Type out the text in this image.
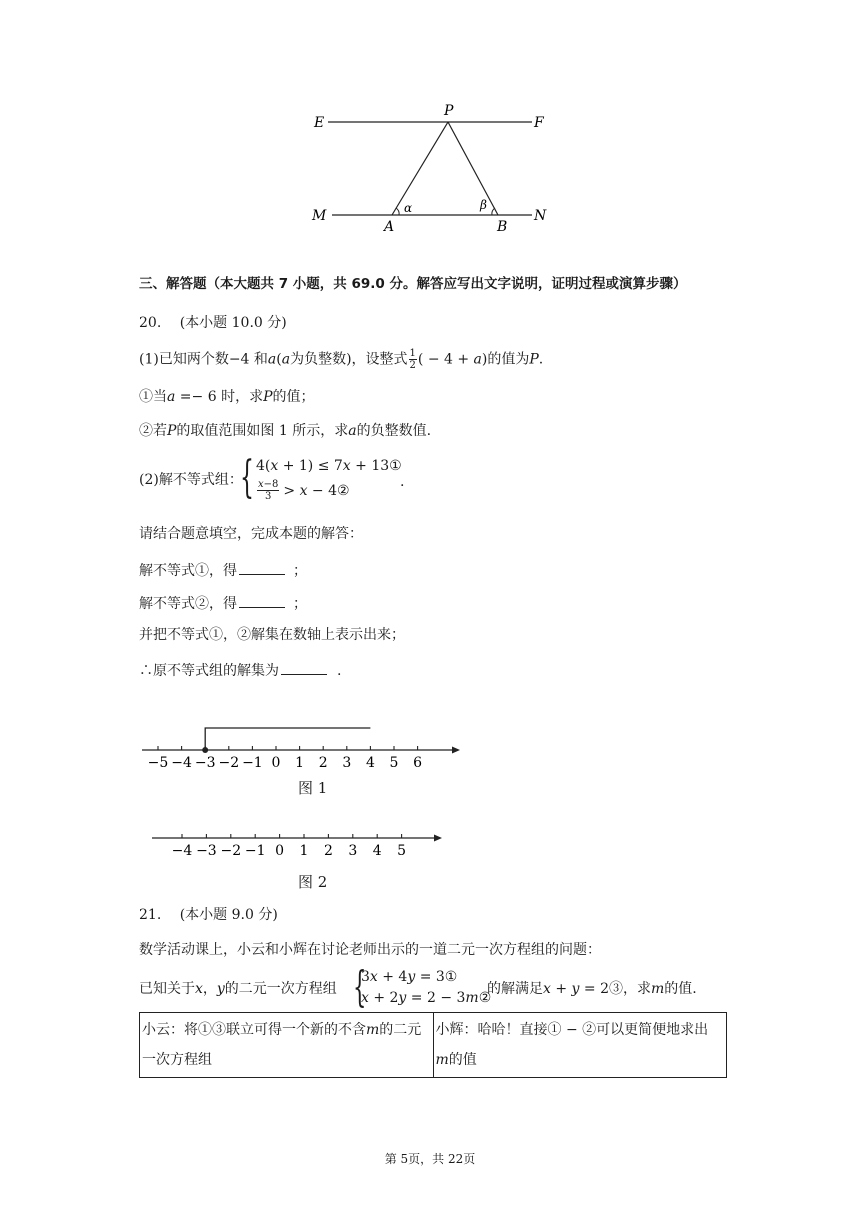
E	F
P
M	N
A	B
α	β
三、解答题（本大题共 7 小题，共 69.0 分。解答应写出文字说明，证明过程或演算步骤）
20. (本小题 10.0 分)
(1)已知两个数−4 和𝑎(𝑎为负整数)，设整式 $\frac{1}{2}$ ( − 4 + 𝑎)的值为𝑃.
①当𝑎 =− 6 时，求𝑃的值；
②若𝑃的取值范围如图 1 所示，求𝑎的负整数值.
(2)解不等式组：
{ 4(𝑥 + 1) ≤ 7𝑥 + 13①
$\frac{\text{𝑥−8}}{3}$ > 𝑥 − 4②
.
请结合题意填空，完成本题的解答：
解不等式①，得	；
解不等式②，得	；
并把不等式①，②解集在数轴上表示出来；
∴原不等式组的解集为	.
−5 −4 −3 −2 −1 0 1 2 3 4 5 6
图 1
−4 −3 −2 −1 0 1 2 3 4 5
图 2
21. (本小题 9.0 分)
数学活动课上，小云和小辉在讨论老师出示的一道二元一次方程组的问题：
已知关于𝑥，𝑦的二元一次方程组 {
3𝑥 + 4𝑦 = 3①
𝑥 + 2𝑦 = 2 − 3𝑚②
的解满足𝑥 + 𝑦 = 2③，求𝑚的值.
小云：将①③联立可得一个新的不含𝑚的二元
一次方程组

小辉：哈哈！直接① − ②可以更简便地求出
𝑚的值
第 5页，共 22页
